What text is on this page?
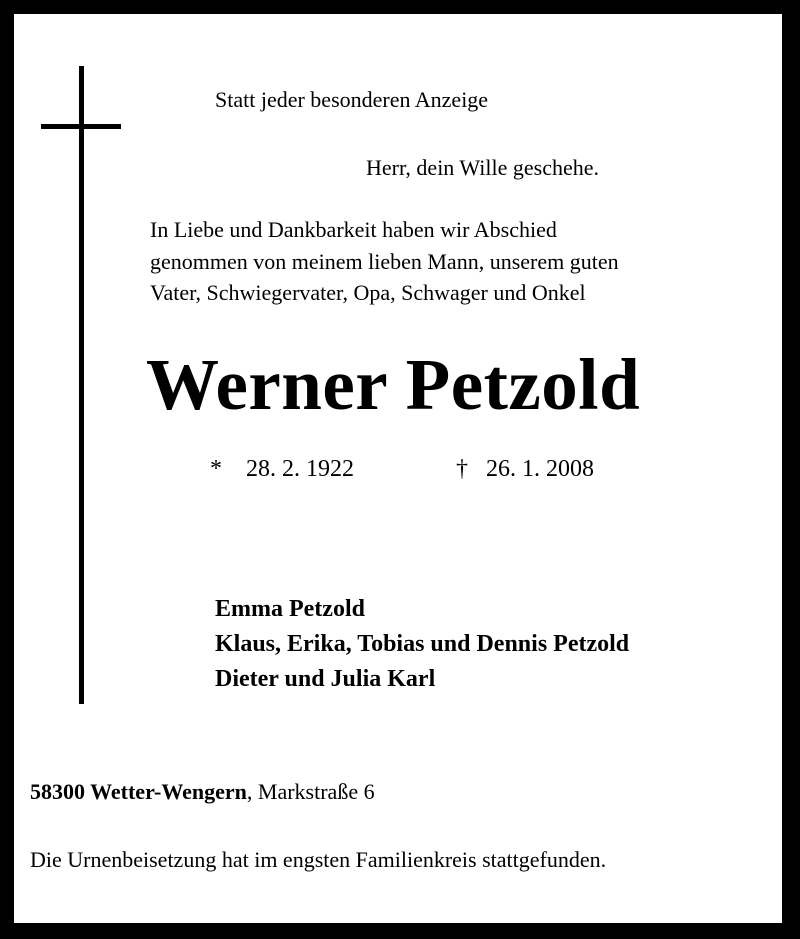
Statt jeder besonderen Anzeige
Herr, dein Wille geschehe.
In Liebe und Dankbarkeit haben wir Abschied
genommen von meinem lieben Mann, unserem guten
Vater, Schwiegervater, Opa, Schwager und Onkel
Werner Petzold
* 28. 2. 1922	† 26. 1. 2008
Emma Petzold
Klaus, Erika, Tobias und Dennis Petzold
Dieter und Julia Karl
58300 Wetter-Wengern, Markstraße 6
Die Urnenbeisetzung hat im engsten Familienkreis stattgefunden.
